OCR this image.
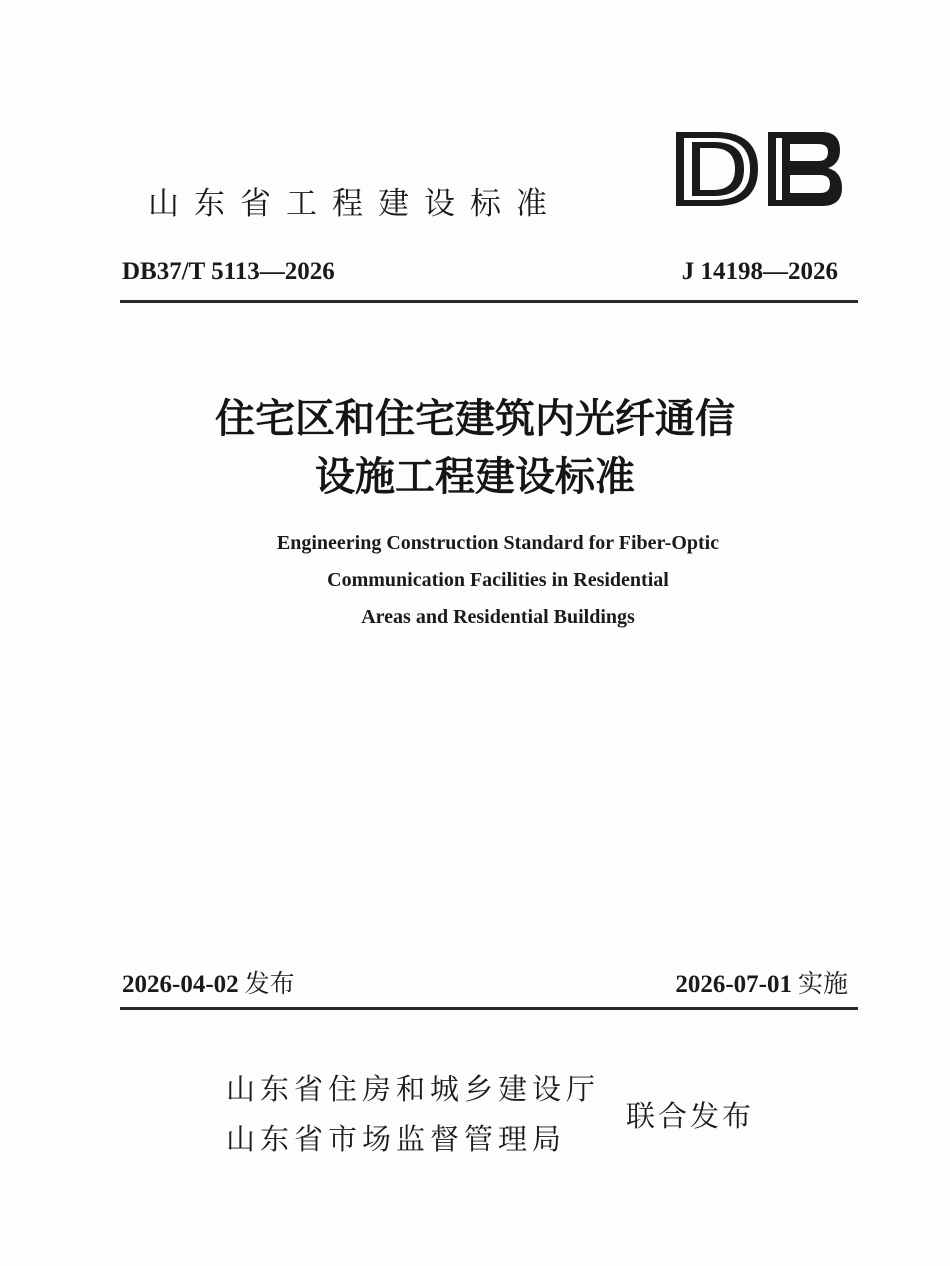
山东省工程建设标准
DB37/T 5113—2026	J 14198—2026
住宅区和住宅建筑内光纤通信
设施工程建设标准
Engineering Construction Standard for Fiber-Optic
Communication Facilities in Residential
Areas and Residential Buildings
2026-04-02 发布	2026-07-01 实施
山东省住房和城乡建设厅
山东省市场监督管理局
联合发布
